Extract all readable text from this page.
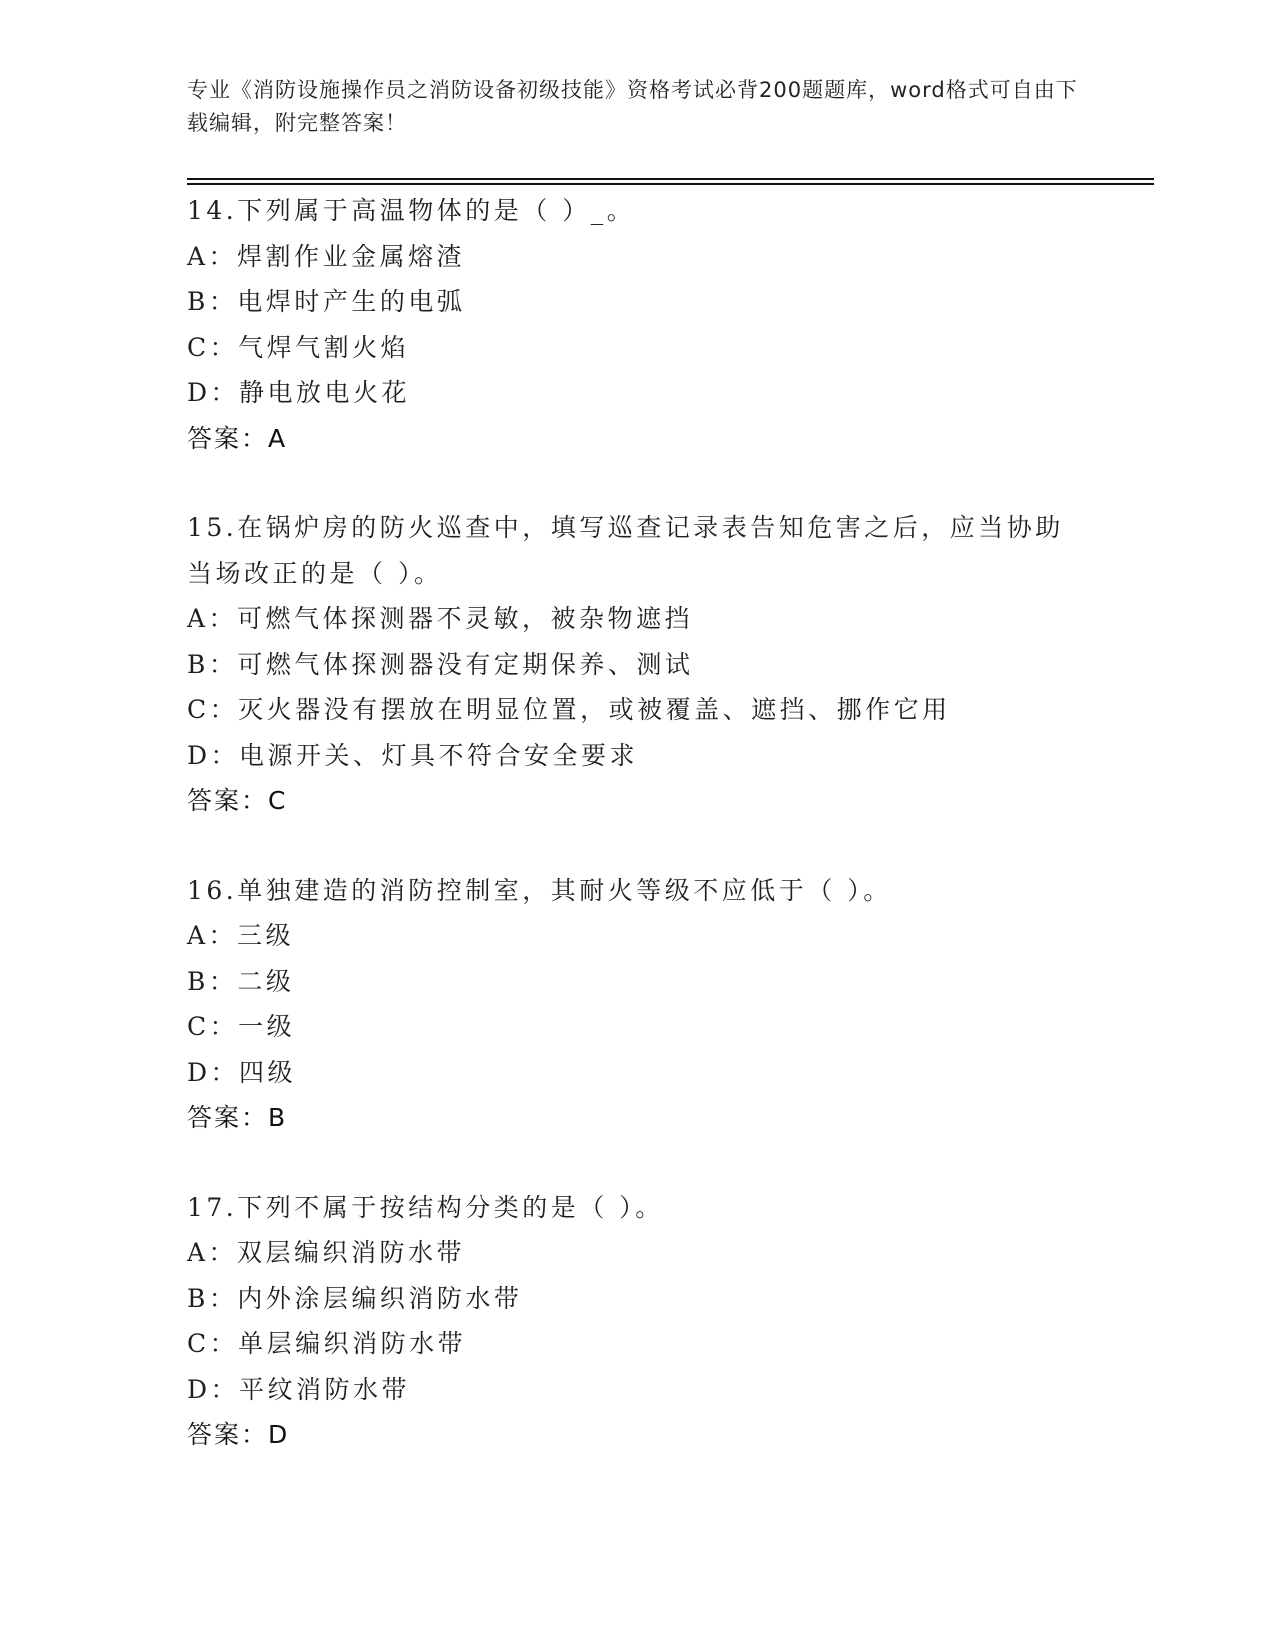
专业《消防设施操作员之消防设备初级技能》资格考试必背200题题库，word格式可自由下载编辑，附完整答案！
14.下列属于高温物体的是（ ）_。
A：焊割作业金属熔渣
B：电焊时产生的电弧
C：气焊气割火焰
D：静电放电火花
答案：A
15.在锅炉房的防火巡查中，填写巡查记录表告知危害之后，应当协助当场改正的是（ ）。
A：可燃气体探测器不灵敏，被杂物遮挡
B：可燃气体探测器没有定期保养、测试
C：灭火器没有摆放在明显位置，或被覆盖、遮挡、挪作它用
D：电源开关、灯具不符合安全要求
答案：C
16.单独建造的消防控制室，其耐火等级不应低于（ ）。
A：三级
B：二级
C：一级
D：四级
答案：B
17.下列不属于按结构分类的是（ ）。
A：双层编织消防水带
B：内外涂层编织消防水带
C：单层编织消防水带
D：平纹消防水带
答案：D
